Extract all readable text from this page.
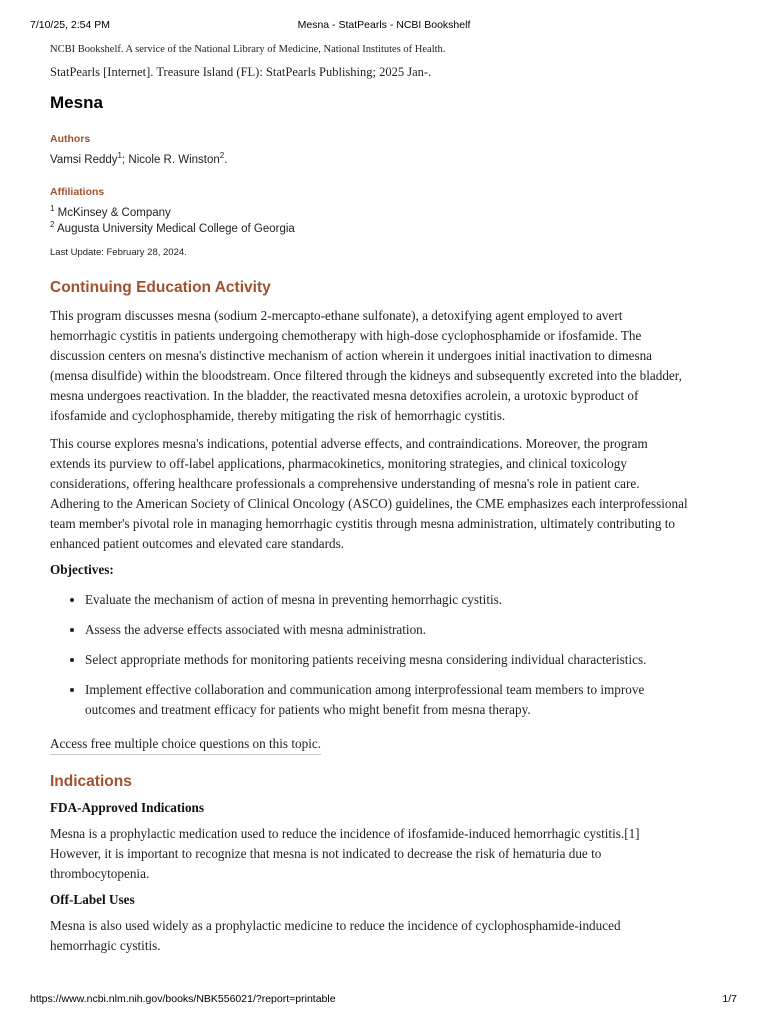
7/10/25, 2:54 PM	Mesna - StatPearls - NCBI Bookshelf

NCBI Bookshelf. A service of the National Library of Medicine, National Institutes of Health.

StatPearls [Internet]. Treasure Island (FL): StatPearls Publishing; 2025 Jan-.

Mesna
Authors

Vamsi Reddy$^1$; Nicole R. Winston$^2$.

Affiliations
$^1$ McKinsey & Company
$^2$ Augusta University Medical College of Georgia

Last Update: February 28, 2024.

Continuing Education Activity

This program discusses mesna (sodium 2-mercapto-ethane sulfonate), a detoxifying agent employed to avert hemorrhagic cystitis in patients undergoing chemotherapy with high-dose cyclophosphamide or ifosfamide. The discussion centers on mesna's distinctive mechanism of action wherein it undergoes initial inactivation to dimesna (mensa disulfide) within the bloodstream. Once filtered through the kidneys and subsequently excreted into the bladder, mesna undergoes reactivation. In the bladder, the reactivated mesna detoxifies acrolein, a urotoxic byproduct of ifosfamide and cyclophosphamide, thereby mitigating the risk of hemorrhagic cystitis.

This course explores mesna's indications, potential adverse effects, and contraindications. Moreover, the program extends its purview to off-label applications, pharmacokinetics, monitoring strategies, and clinical toxicology considerations, offering healthcare professionals a comprehensive understanding of mesna's role in patient care. Adhering to the American Society of Clinical Oncology (ASCO) guidelines, the CME emphasizes each interprofessional team member's pivotal role in managing hemorrhagic cystitis through mesna administration, ultimately contributing to enhanced patient outcomes and elevated care standards.

Objectives:
• Evaluate the mechanism of action of mesna in preventing hemorrhagic cystitis.
• Assess the adverse effects associated with mesna administration.
• Select appropriate methods for monitoring patients receiving mesna considering individual characteristics.
• Implement effective collaboration and communication among interprofessional team members to improve outcomes and treatment efficacy for patients who might benefit from mesna therapy.
Access free multiple choice questions on this topic.
Indications
FDA-Approved Indications

Mesna is a prophylactic medication used to reduce the incidence of ifosfamide-induced hemorrhagic cystitis.[1] However, it is important to recognize that mesna is not indicated to decrease the risk of hematuria due to thrombocytopenia.

Off-Label Uses

Mesna is also used widely as a prophylactic medicine to reduce the incidence of cyclophosphamide-induced hemorrhagic cystitis.

https://www.ncbi.nlm.nih.gov/books/NBK556021/?report=printable	1/7
